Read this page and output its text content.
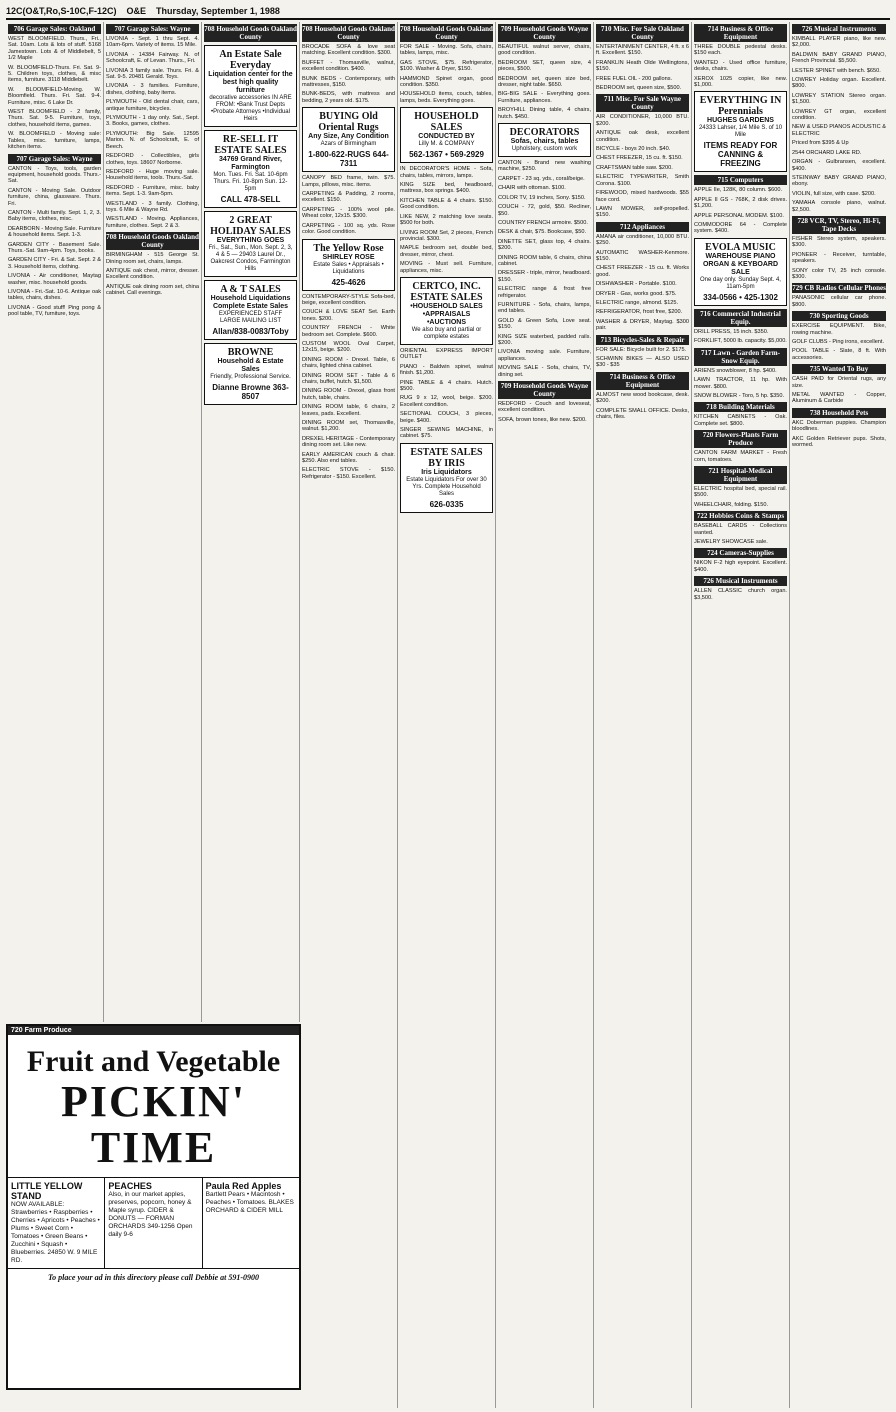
12C(O&T,Ro,S-10C,F-12C) O&E Thursday, September 1, 1988
706 Garage Sales: Oakland
WEST BLOOMFIELD. Thurs., Fri., Sat. 10am. Lots & lots of stuff. 5168 Jamestown. Lots & of Middlebelt, 5 1/2 Maple
W. BLOOMFIELD-Thurs. Fri. Sat. 9-5. Children toys, clothes, & misc items, furniture. 3118 Middlebelt.
W. BLOOMFIELD-Moving. W. Bloomfield. Thurs. Fri. Sat. 9-4. Furniture, misc. 6 Lake Dr.
WEST BLOOMFIELD - 2 family, Thurs. Sat. 9-5. Furniture, toys, clothes, household items, games.
W. BLOOMFIELD - Moving sale: Tables, misc. furniture, lamps, kitchen items.
707 Garage Sales: Wayne
CANTON - Toys, tools, garden equipment, household goods. Thurs.-Sat.
CANTON - Moving Sale. Outdoor furniture, china, glassware. Thurs. Fri.
CANTON - Multi family. Sept. 1, 2, 3. Baby items, clothes, misc.
DEARBORN - Moving Sale. Furniture & household items. Sept. 1-3.
GARDEN CITY - Basement Sale. Thurs.-Sat. 9am-4pm. Toys, books.
GARDEN CITY - Fri. & Sat. Sept. 2 & 3. Household items, clothing.
LIVONIA - Air conditioner, Maytag washer, misc. household goods.
LIVONIA - Fri.-Sat. 10-6. Antique oak tables, chairs, dishes.
LIVONIA - Good stuff! Ping pong & pool table, TV, furniture, toys.
707 Garage Sales: Wayne
LIVONIA - Sept. 1 thru Sept. 4. 10am-6pm. Variety of items. 15 Mile.
LIVONIA - 14384 Fairway. N. of Schoolcraft, E. of Levan. Thurs., Fri.
LIVONIA 3 family sale. Thurs. Fri. & Sat. 9-5. 20481 Gerald. Toys.
LIVONIA - 3 families. Furniture, dishes, clothing, baby items.
PLYMOUTH - Old dental chair, cars, antique furniture, bicycles.
PLYMOUTH - 1 day only. Sat., Sept. 3. Books, games, clothes.
PLYMOUTH: Big Sale. 12595 Marion. N. of Schoolcraft, E. of Beech.
REDFORD - Collectibles, girls clothes, toys. 18607 Norborne.
REDFORD - Huge moving sale. Household items, tools. Thurs.-Sat.
REDFORD - Furniture, misc. baby items. Sept. 1-3. 9am-5pm.
WESTLAND - 3 family. Clothing, toys. 6 Mile & Wayne Rd.
WESTLAND - Moving. Appliances, furniture, clothes. Sept. 2 & 3.
708 Household Goods Oakland County
BIRMINGHAM - 515 George St. Dining room set, chairs, lamps.
ANTIQUE oak chest, mirror, dresser. Excellent condition.
ANTIQUE oak dining room set, china cabinet. Call evenings.
708 Household Goods Oakland County
An Estate Sale Everyday
Liquidation center for the best high quality furniture
decorative accessories IN ARE FROM: •Bank Trust Depts •Probate Attorneys •Individual Heirs
RE-SELL IT ESTATE SALES
34769 Grand River, Farmington
Mon. Tues. Fri. Sat. 10-6pm Thurs. Fri. 10-8pm Sun. 12-5pm
CALL 478-SELL
2 GREAT HOLIDAY SALES
EVERYTHING GOES
Fri., Sat., Sun., Mon. Sept. 2, 3, 4 & 5 — 29403 Laurel Dr., Oakcrest Condos, Farmington Hills
A & T SALES
Household Liquidations Complete Estate Sales
EXPERIENCED STAFF LARGE MAILING LIST
Allan/838-0083/Toby
BROWNE
Household & Estate Sales
Friendly, Professional Service.
Dianne Browne 363-8507
708 Household Goods Oakland County
BROCADE SOFA & love seat matching. Excellent condition. $300.
BUFFET - Thomasville, walnut, excellent condition. $400.
BUNK BEDS - Contemporary, with mattresses, $150.
BUNK-BEDS, with mattress and bedding, 2 years old. $175.
BUYING Old Oriental Rugs
Any Size, Any Condition
Azars of Birmingham
1-800-622-RUGS 644-7311
CANOPY BED frame, twin. $75. Lamps, pillows, misc. items.
CARPETING & Padding, 2 rooms, excellent. $150.
CARPETING - 100% wool pile. Wheat color, 12x15. $300.
CARPETING - 100 sq. yds. Rose color. Good condition.
The Yellow Rose
SHIRLEY ROSE
Estate Sales • Appraisals • Liquidations
425-4626
CONTEMPORARY-STYLE Sofa-bed, beige, excellent condition.
COUCH & LOVE SEAT Set. Earth tones. $200.
COUNTRY FRENCH - White bedroom set. Complete. $600.
CUSTOM WOOL Oval Carpet, 12x15, beige. $200.
DINING ROOM - Drexel. Table, 6 chairs, lighted china cabinet.
DINING ROOM SET - Table & 6 chairs, buffet, hutch. $1,500.
DINING ROOM - Drexel, glass front hutch, table, chairs.
DINING ROOM table, 6 chairs, 2 leaves, pads. Excellent.
DINING ROOM set, Thomasville, walnut. $1,200.
DREXEL HERITAGE - Contemporary dining room set. Like new.
EARLY AMERICAN couch & chair. $250. Also end tables.
ELECTRIC STOVE - $150. Refrigerator - $150. Excellent.
708 Household Goods Oakland County
FOR SALE - Moving. Sofa, chairs, tables, lamps, misc.
GAS STOVE, $75. Refrigerator, $100. Washer & Dryer, $150.
HAMMOND Spinet organ, good condition. $350.
HOUSEHOLD items, couch, tables, lamps, beds. Everything goes.
HOUSEHOLD SALES
CONDUCTED BY
Lilly M. & COMPANY
562-1367 • 569-2929
IN DECORATOR'S HOME - Sofa, chairs, tables, mirrors, lamps.
KING SIZE bed, headboard, mattress, box springs. $400.
KITCHEN TABLE & 4 chairs. $150. Good condition.
LIKE NEW, 2 matching love seats. $500 for both.
LIVING ROOM Set, 2 pieces, French provincial. $300.
MAPLE bedroom set, double bed, dresser, mirror, chest.
MOVING - Must sell. Furniture, appliances, misc.
CERTCO, INC. ESTATE SALES
•HOUSEHOLD SALES •APPRAISALS •AUCTIONS
We also buy and partial or complete estates
ORIENTAL EXPRESS IMPORT OUTLET
PIANO - Baldwin spinet, walnut finish. $1,200.
PINE TABLE & 4 chairs. Hutch. $500.
RUG 9 x 12, wool, beige. $200. Excellent condition.
SECTIONAL COUCH, 3 pieces, beige. $400.
SINGER SEWING MACHINE, in cabinet. $75.
ESTATE SALES BY IRIS
Iris Liquidators
Estate Liquidators For over 30 Yrs. Complete Household Sales
626-0335
709 Household Goods Wayne County
BEAUTIFUL walnut server, chairs, good condition.
BEDROOM SET, queen size, 4 pieces, $500.
BEDROOM set, queen size bed, dresser, night table. $650.
BIG-BIG SALE - Everything goes. Furniture, appliances.
BROYHILL Dining table, 4 chairs, hutch. $450.
DECORATORS
Sofas, chairs, tables
Upholstery, custom work
CANTON - Brand new washing machine, $250.
CARPET - 23 sq. yds., coral/beige.
CHAIR with ottoman. $100.
COLOR TV, 19 inches, Sony. $150.
COUCH - 72, gold, $50. Recliner, $50.
COUNTRY FRENCH armoire. $500.
DESK & chair, $75. Bookcase, $50.
DINETTE SET, glass top, 4 chairs. $200.
DINING ROOM table, 6 chairs, china cabinet.
DRESSER - triple, mirror, headboard. $150.
ELECTRIC range & frost free refrigerator.
FURNITURE - Sofa, chairs, lamps, end tables.
GOLD & Green Sofa, Love seat. $150.
KING SIZE waterbed, padded rails. $200.
LIVONIA moving sale. Furniture, appliances.
MOVING SALE - Sofa, chairs, TV, dining set.
709 Household Goods Wayne County
REDFORD - Couch and loveseat, excellent condition.
SOFA, brown tones, like new. $200.
710 Misc. For Sale Oakland County
ENTERTAINMENT CENTER, 4 ft. x 6 ft. Excellent. $150.
FRANKLIN Heath Olde Wellingtons, $150.
FREE FUEL OIL - 200 gallons.
BEDROOM set, queen size, $500.
711 Misc. For Sale Wayne County
AIR CONDITIONER, 10,000 BTU. $200.
ANTIQUE oak desk, excellent condition.
BICYCLE - boys 20 inch. $40.
CHEST FREEZER, 15 cu. ft. $150.
CRAFTSMAN table saw. $200.
ELECTRIC TYPEWRITER, Smith Corona. $100.
FIREWOOD, mixed hardwoods. $55 face cord.
LAWN MOWER, self-propelled. $150.
712 Appliances
AMANA air conditioner, 10,000 BTU. $250.
AUTOMATIC WASHER-Kenmore. $150.
CHEST FREEZER - 15 cu. ft. Works good.
DISHWASHER - Portable. $100.
DRYER - Gas, works good. $75.
ELECTRIC range, almond. $125.
REFRIGERATOR, frost free, $200.
WASHER & DRYER, Maytag. $300 pair.
713 Bicycles-Sales & Repair
FOR SALE: Bicycle built for 2. $175.
SCHWINN BIKES — ALSO USED $30 - $35
714 Business & Office Equipment
ALMOST new wood bookcase, desk. $200.
COMPLETE SMALL OFFICE. Desks, chairs, files.
714 Business & Office Equipment
THREE DOUBLE pedestal desks. $150 each.
WANTED - Used office furniture, desks, chairs.
XEROX 1025 copier, like new. $1,000.
EVERYTHING IN Perennials
HUGHES GARDENS
24333 Lahser, 1/4 Mile S. of 10 Mile
ITEMS READY FOR CANNING & FREEZING
715 Computers
APPLE IIe, 128K, 80 column. $600.
APPLE II GS - 768K, 2 disk drives. $1,200.
APPLE PERSONAL MODEM. $100.
COMMODORE 64 - Complete system. $400.
EVOLA MUSIC
WAREHOUSE PIANO ORGAN & KEYBOARD SALE
One day only. Sunday Sept. 4, 11am-5pm
334-0566 • 425-1302
716 Commercial Industrial Equip.
DRILL PRESS, 15 inch. $350.
FORKLIFT, 5000 lb. capacity. $5,000.
717 Lawn - Garden Farm-Snow Equip.
ARIENS snowblower, 8 hp. $400.
LAWN TRACTOR, 11 hp. With mower. $800.
SNOW BLOWER - Toro, 5 hp. $350.
718 Building Materials
KITCHEN CABINETS - Oak. Complete set. $800.
720 Flowers-Plants Farm Produce
CANTON FARM MARKET - Fresh corn, tomatoes.
721 Hospital-Medical Equipment
ELECTRIC hospital bed, special rail. $500.
WHEELCHAIR, folding. $150.
722 Hobbies Coins & Stamps
BASEBALL CARDS - Collections wanted.
JEWELRY SHOWCASE sale.
724 Cameras-Supplies
NIKON F-2 high eyepoint. Excellent. $400.
726 Musical Instruments
ALLEN CLASSIC church organ. $3,500.
726 Musical Instruments
KIMBALL PLAYER piano, like new. $2,000.
BALDWIN BABY GRAND PIANO, French Provincial. $5,500.
LESTER SPINET with bench. $650.
LOWREY Holiday organ. Excellent. $800.
LOWREY STATION Stereo organ. $1,500.
LOWREY GT organ, excellent condition.
NEW & USED PIANOS ACOUSTIC & ELECTRIC
Priced from $395 & Up
2544 ORCHARD LAKE RD.
ORGAN - Gulbransen, excellent. $400.
STEINWAY BABY GRAND PIANO, ebony.
VIOLIN, full size, with case. $200.
YAMAHA console piano, walnut. $2,500.
728 VCR, TV, Stereo, Hi-Fi, Tape Decks
FISHER Stereo system, speakers. $300.
PIONEER - Receiver, turntable, speakers.
SONY color TV, 25 inch console. $300.
729 CB Radios Cellular Phones
PANASONIC cellular car phone. $800.
730 Sporting Goods
EXERCISE EQUIPMENT. Bike, rowing machine.
GOLF CLUBS - Ping irons, excellent.
POOL TABLE - Slate, 8 ft. With accessories.
735 Wanted To Buy
CASH PAID for Oriental rugs, any size.
METAL WANTED - Copper, Aluminum & Carbide
738 Household Pets
AKC Doberman puppies. Champion bloodlines.
AKC Golden Retriever pups. Shots, wormed.
720 Farm Produce
Fruit and Vegetable
PICKIN' TIME
LITTLE YELLOW STAND
NOW AVAILABLE: Strawberries • Raspberries • Cherries • Apricots • Peaches • Plums • Sweet Corn • Tomatoes • Green Beans • Zucchini • Squash • Blueberries. 24850 W. 9 MILE RD.
PEACHES
Also, in our market apples, preserves, popcorn, honey & Maple syrup. CIDER & DONUTS — FORMAN ORCHARDS 349-1256 Open daily 9-6
Paula Red Apples
Bartlett Pears • Macintosh • Peaches • Tomatoes. BLAKES ORCHARD & CIDER MILL
To place your ad in this directory please call Debbie at 591-0900
